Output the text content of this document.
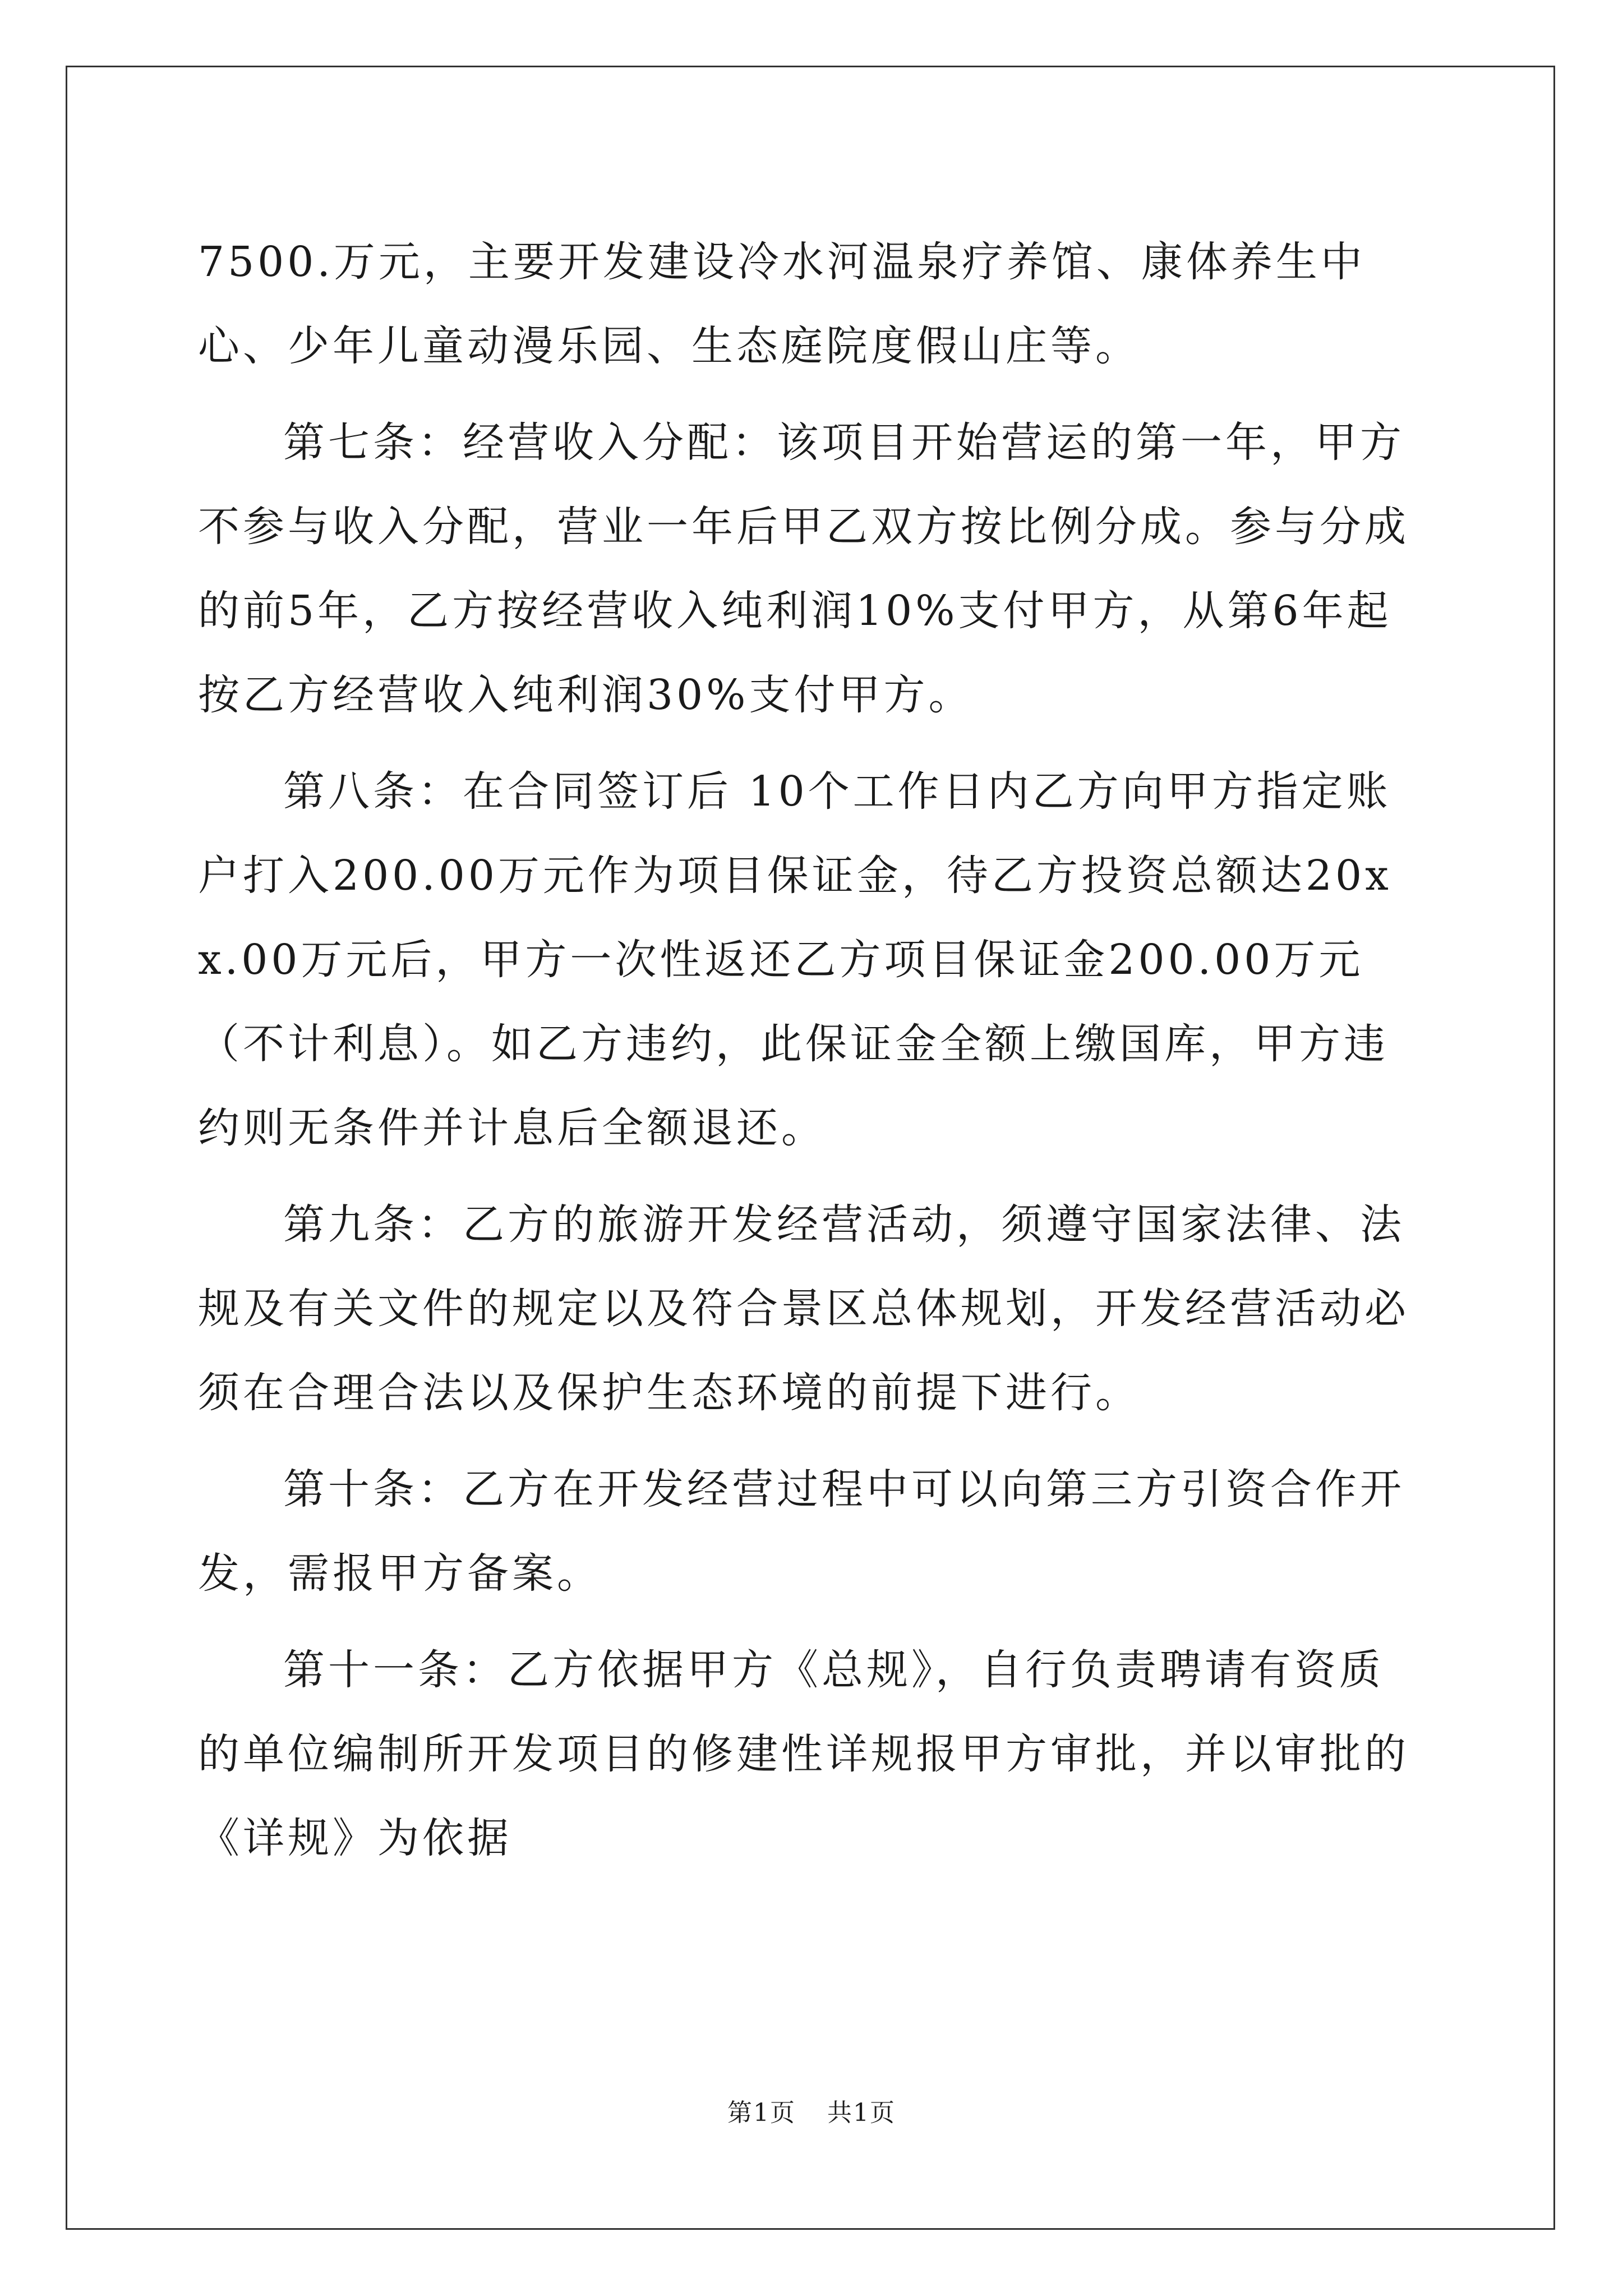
7500.万元，主要开发建设冷水河温泉疗养馆、康体养生中心、少年儿童动漫乐园、生态庭院度假山庄等。

第七条：经营收入分配：该项目开始营运的第一年，甲方不参与收入分配，营业一年后甲乙双方按比例分成。参与分成的前5年，乙方按经营收入纯利润10%支付甲方，从第6年起按乙方经营收入纯利润30%支付甲方。

第八条：在合同签订后 10个工作日内乙方向甲方指定账户打入200.00万元作为项目保证金，待乙方投资总额达20xx.00万元后，甲方一次性返还乙方项目保证金200.00万元（不计利息）。如乙方违约，此保证金全额上缴国库，甲方违约则无条件并计息后全额退还。

第九条：乙方的旅游开发经营活动，须遵守国家法律、法规及有关文件的规定以及符合景区总体规划，开发经营活动必须在合理合法以及保护生态环境的前提下进行。

第十条：乙方在开发经营过程中可以向第三方引资合作开发，需报甲方备案。

第十一条：乙方依据甲方《总规》，自行负责聘请有资质的单位编制所开发项目的修建性详规报甲方审批，并以审批的《详规》为依据

第1页 共1页
